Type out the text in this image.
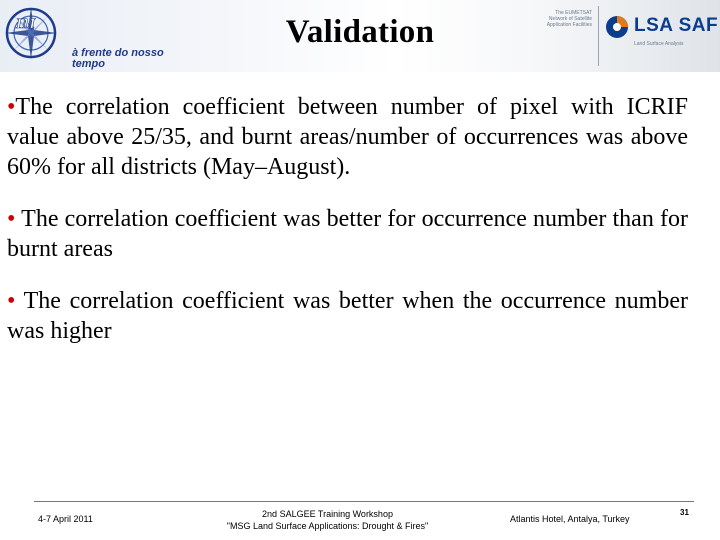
IM
à frente do nosso tempo
Validation
The EUMETSAT Network of Satellite Application Facilities LSA SAF
Land Surface Analysis

•The correlation coefficient between number of pixel with ICRIF value above 25/35, and burnt areas/number of occurrences was above 60% for all districts (May–August).

• The correlation coefficient was better for occurrence number than for burnt areas

• The correlation coefficient was better when the occurrence number was higher

4-7 April 2011	2nd SALGEE Training Workshop
"MSG Land Surface Applications: Drought & Fires"
Atlantis Hotel, Antalya, Turkey
31
